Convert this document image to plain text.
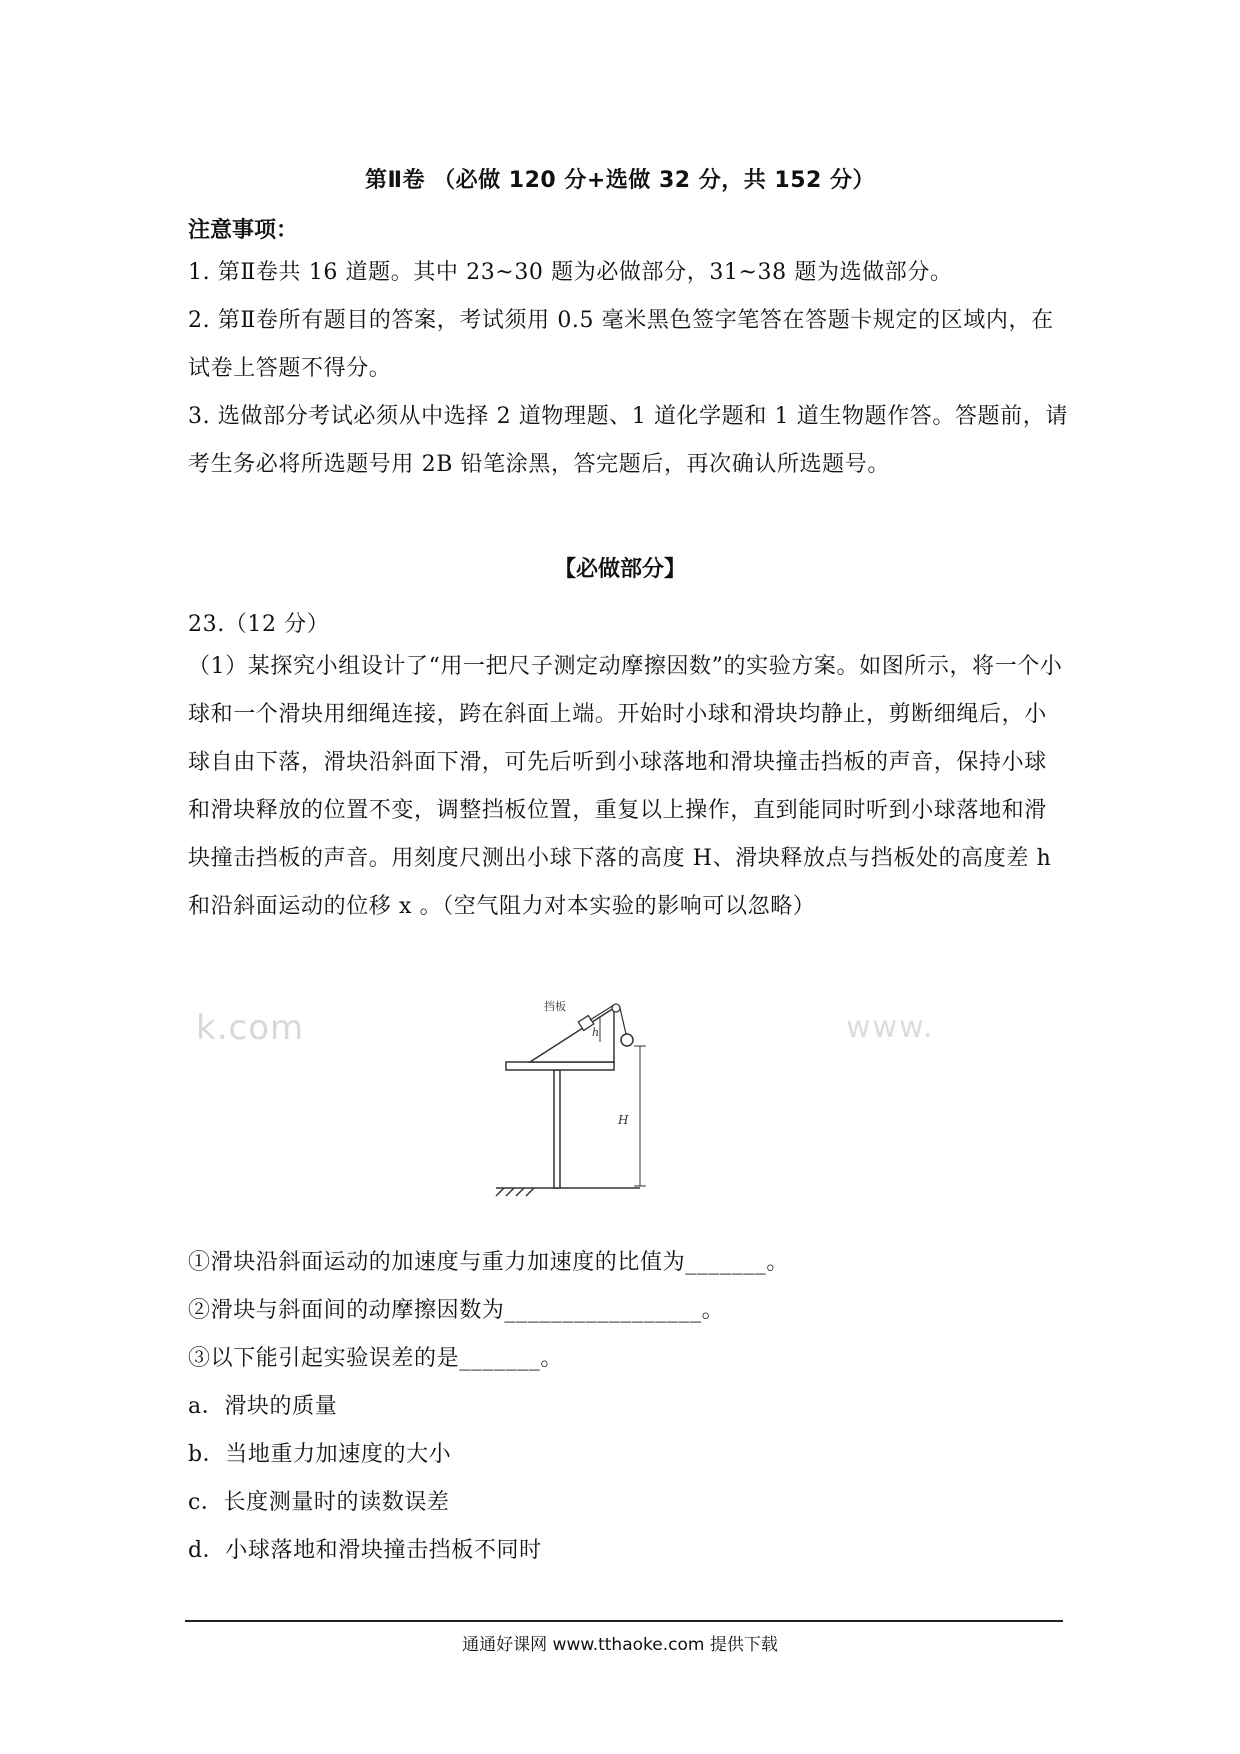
第Ⅱ卷 （必做 120 分+选做 32 分，共 152 分）
注意事项：
1. 第Ⅱ卷共 16 道题。其中 23~30 题为必做部分，31~38 题为选做部分。
2. 第Ⅱ卷所有题目的答案，考试须用 0.5 毫米黑色签字笔答在答题卡规定的区域内，在试卷上答题不得分。
3. 选做部分考试必须从中选择 2 道物理题、1 道化学题和 1 道生物题作答。答题前，请考生务必将所选题号用 2B 铅笔涂黑，答完题后，再次确认所选题号。
【必做部分】
23.（12 分）
（1）某探究小组设计了“用一把尺子测定动摩擦因数”的实验方案。如图所示，将一个小球和一个滑块用细绳连接，跨在斜面上端。开始时小球和滑块均静止，剪断细绳后，小球自由下落，滑块沿斜面下滑，可先后听到小球落地和滑块撞击挡板的声音，保持小球和滑块释放的位置不变，调整挡板位置，重复以上操作，直到能同时听到小球落地和滑块撞击挡板的声音。用刻度尺测出小球下落的高度 H、滑块释放点与挡板处的高度差 h 和沿斜面运动的位移 x 。（空气阻力对本实验的影响可以忽略）
k.com	www.
h
挡板
H
①滑块沿斜面运动的加速度与重力加速度的比值为_______。
②滑块与斜面间的动摩擦因数为_________________。
③以下能引起实验误差的是_______。
a．滑块的质量
b．当地重力加速度的大小
c．长度测量时的读数误差
d．小球落地和滑块撞击挡板不同时
通通好课网 www.tthaoke.com 提供下载
